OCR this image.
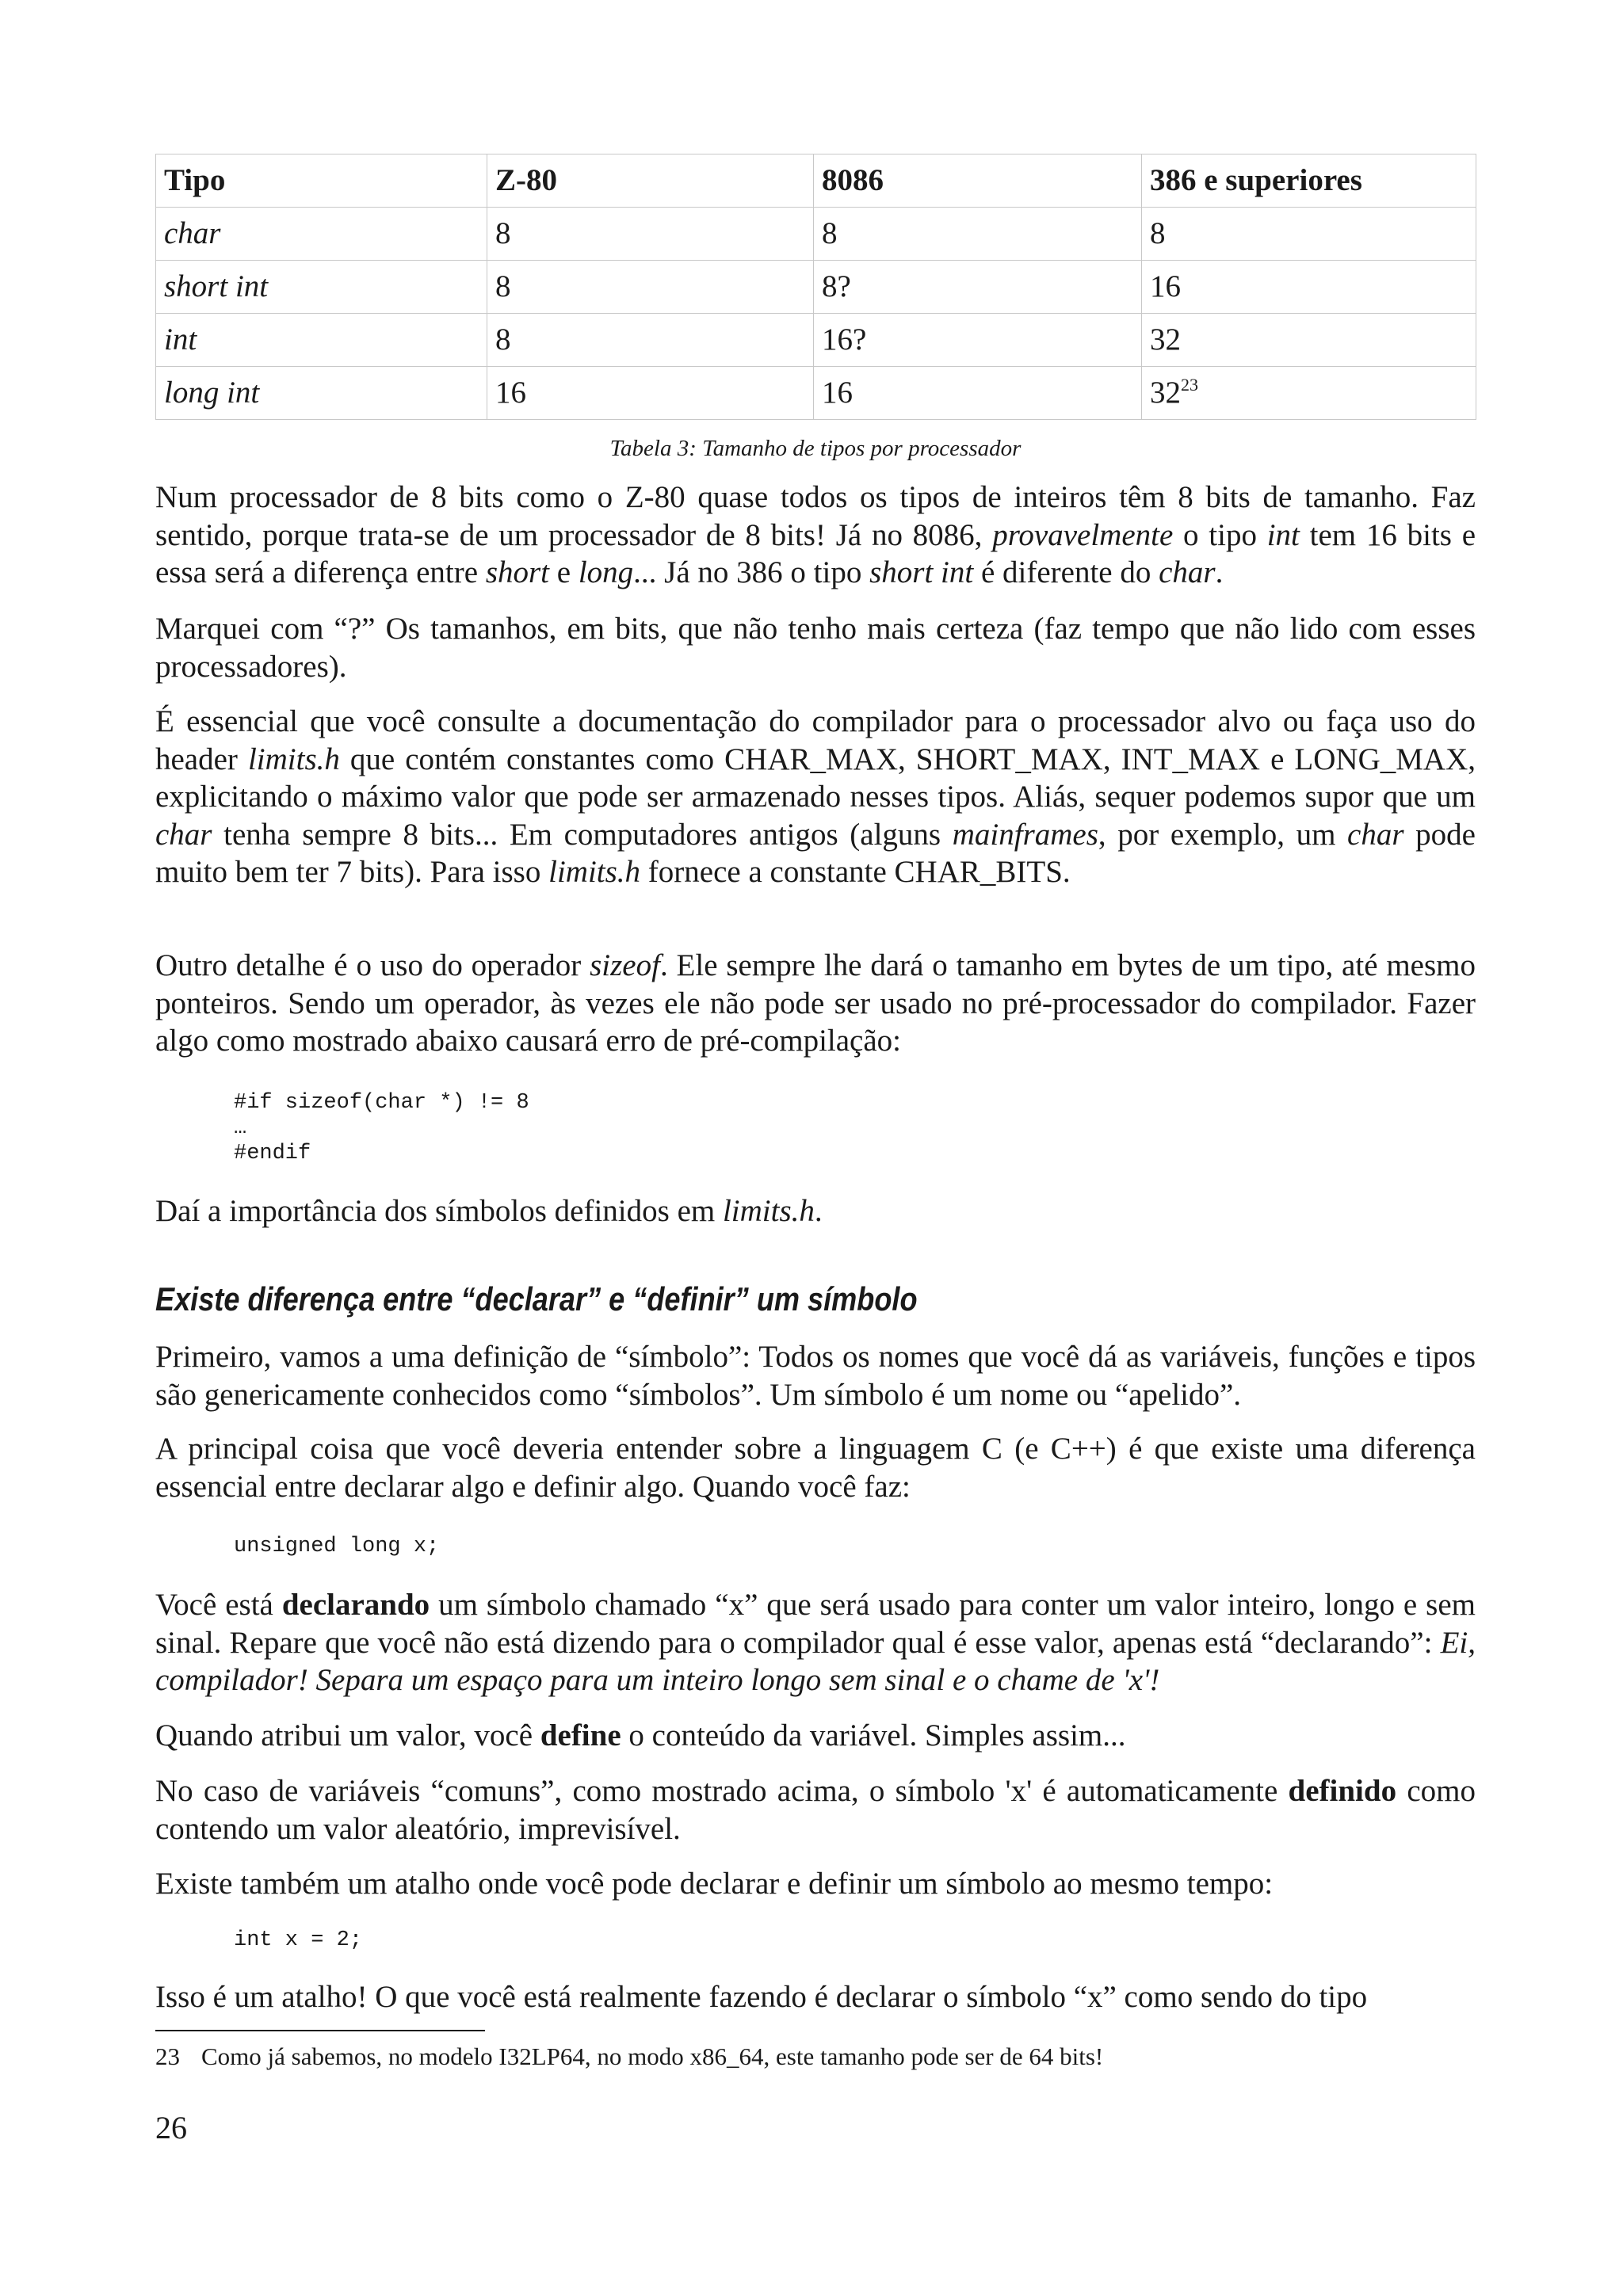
Tipo	Z-80	8086	386 e superiores
char	8	8	8
short int	8	8?	16
int	8	16?	32
long int	16	16	$32^{23}$
Tabela 3: Tamanho de tipos por processador

Num processador de 8 bits como o Z-80 quase todos os tipos de inteiros têm 8 bits de tamanho. Faz sentido, porque trata-se de um processador de 8 bits! Já no 8086, provavelmente o tipo int tem 16 bits e essa será a diferença entre short e long... Já no 386 o tipo short int é diferente do char.

Marquei com “?” Os tamanhos, em bits, que não tenho mais certeza (faz tempo que não lido com esses processadores).

É essencial que você consulte a documentação do compilador para o processador alvo ou faça uso do header limits.h que contém constantes como CHAR_MAX, SHORT_MAX, INT_MAX e LONG_MAX, explicitando o máximo valor que pode ser armazenado nesses tipos. Aliás, sequer podemos supor que um char tenha sempre 8 bits... Em computadores antigos (alguns mainframes, por exemplo, um char pode muito bem ter 7 bits). Para isso limits.h fornece a constante CHAR_BITS.

Outro detalhe é o uso do operador sizeof. Ele sempre lhe dará o tamanho em bytes de um tipo, até mesmo ponteiros. Sendo um operador, às vezes ele não pode ser usado no pré-processador do compilador. Fazer algo como mostrado abaixo causará erro de pré-compilação:

#if sizeof(char *) != 8
…
#endif

Daí a importância dos símbolos definidos em limits.h.

Existe diferença entre “declarar” e “definir” um símbolo

Primeiro, vamos a uma definição de “símbolo”: Todos os nomes que você dá as variáveis, funções e tipos são genericamente conhecidos como “símbolos”. Um símbolo é um nome ou “apelido”.

A principal coisa que você deveria entender sobre a linguagem C (e C++) é que existe uma diferença essencial entre declarar algo e definir algo. Quando você faz:

unsigned long x;

Você está declarando um símbolo chamado “x” que será usado para conter um valor inteiro, longo e sem sinal. Repare que você não está dizendo para o compilador qual é esse valor, apenas está “declarando”: Ei, compilador! Separa um espaço para um inteiro longo sem sinal e o chame de 'x'!

Quando atribui um valor, você define o conteúdo da variável. Simples assim...

No caso de variáveis “comuns”, como mostrado acima, o símbolo 'x' é automaticamente definido como contendo um valor aleatório, imprevisível.

Existe também um atalho onde você pode declarar e definir um símbolo ao mesmo tempo:

int x = 2;

Isso é um atalho! O que você está realmente fazendo é declarar o símbolo “x” como sendo do tipo

23 Como já sabemos, no modelo I32LP64, no modo x86_64, este tamanho pode ser de 64 bits!
26
